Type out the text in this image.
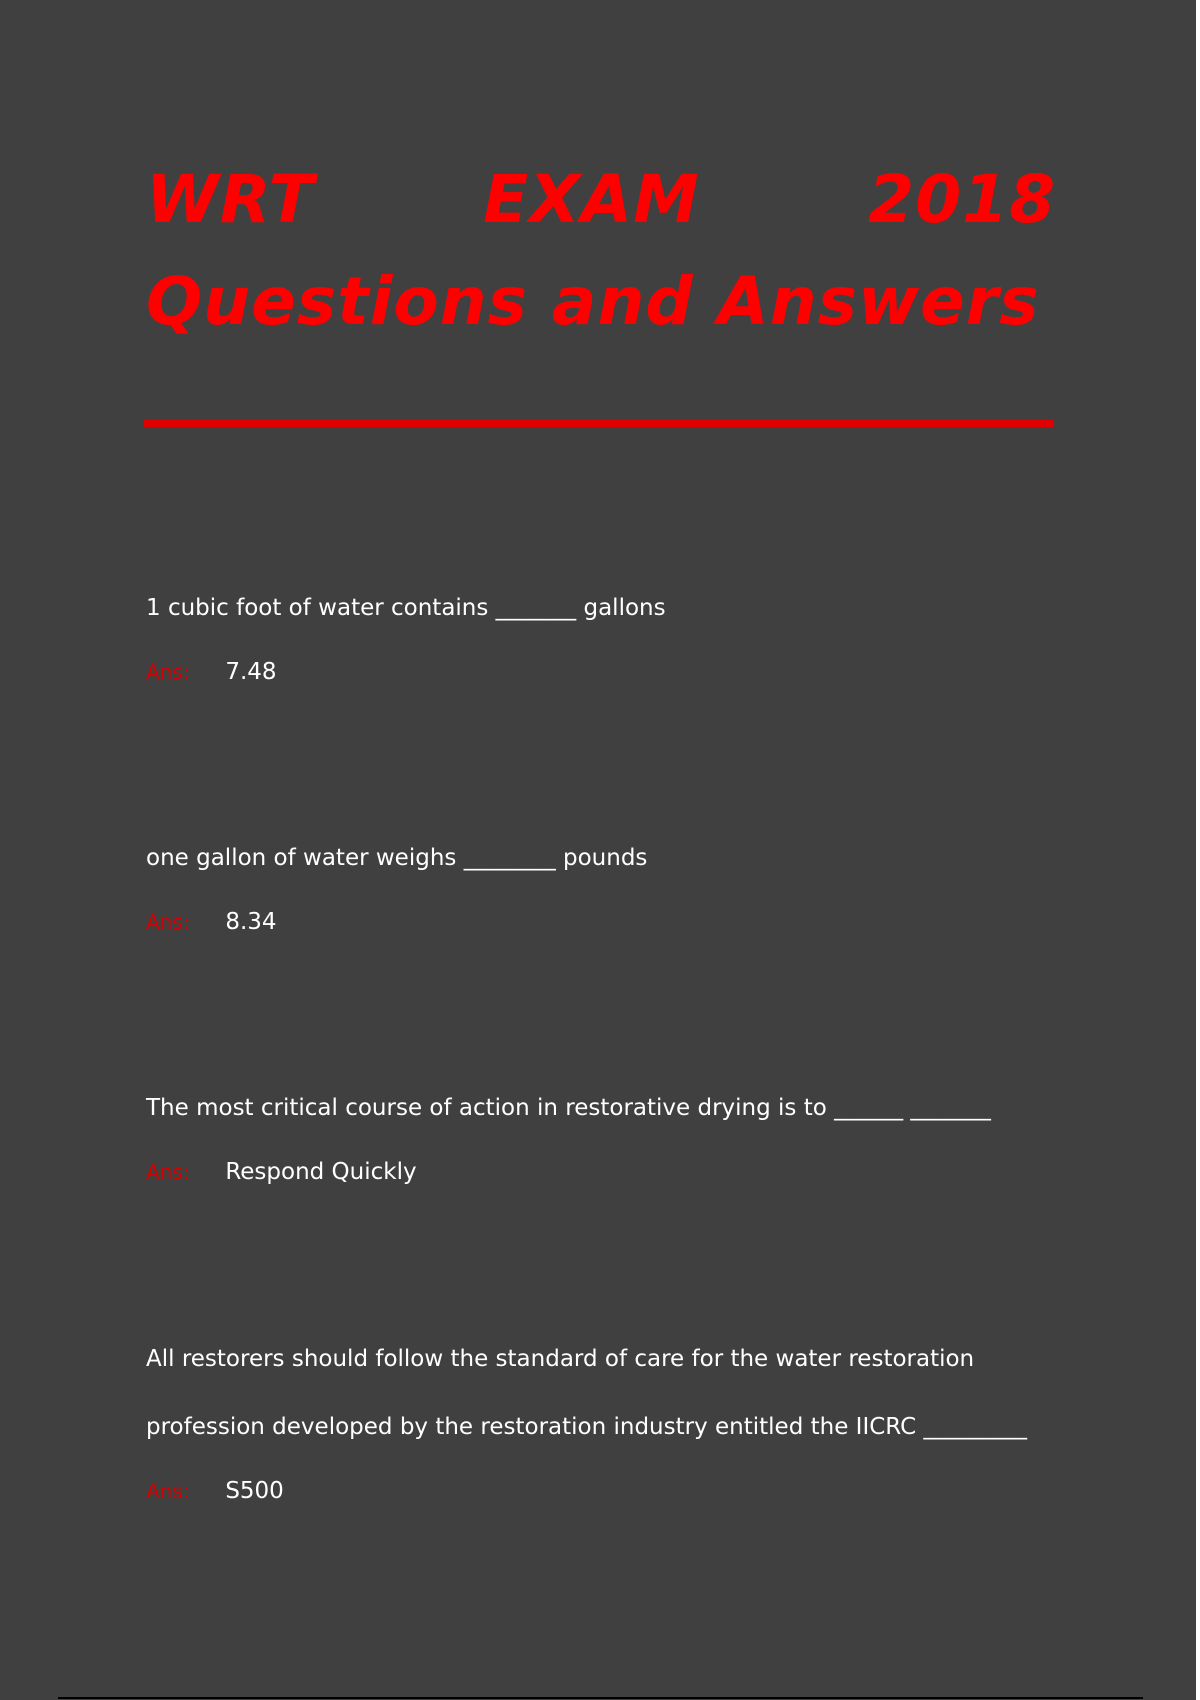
WRT	EXAM	2018
Questions and Answers
1 cubic foot of water contains _______ gallons
Ans: 7.48
one gallon of water weighs ________ pounds
Ans: 8.34
The most critical course of action in restorative drying is to ______ _______
Ans: Respond Quickly
All restorers should follow the standard of care for the water restoration
profession developed by the restoration industry entitled the IICRC _________
Ans: S500
